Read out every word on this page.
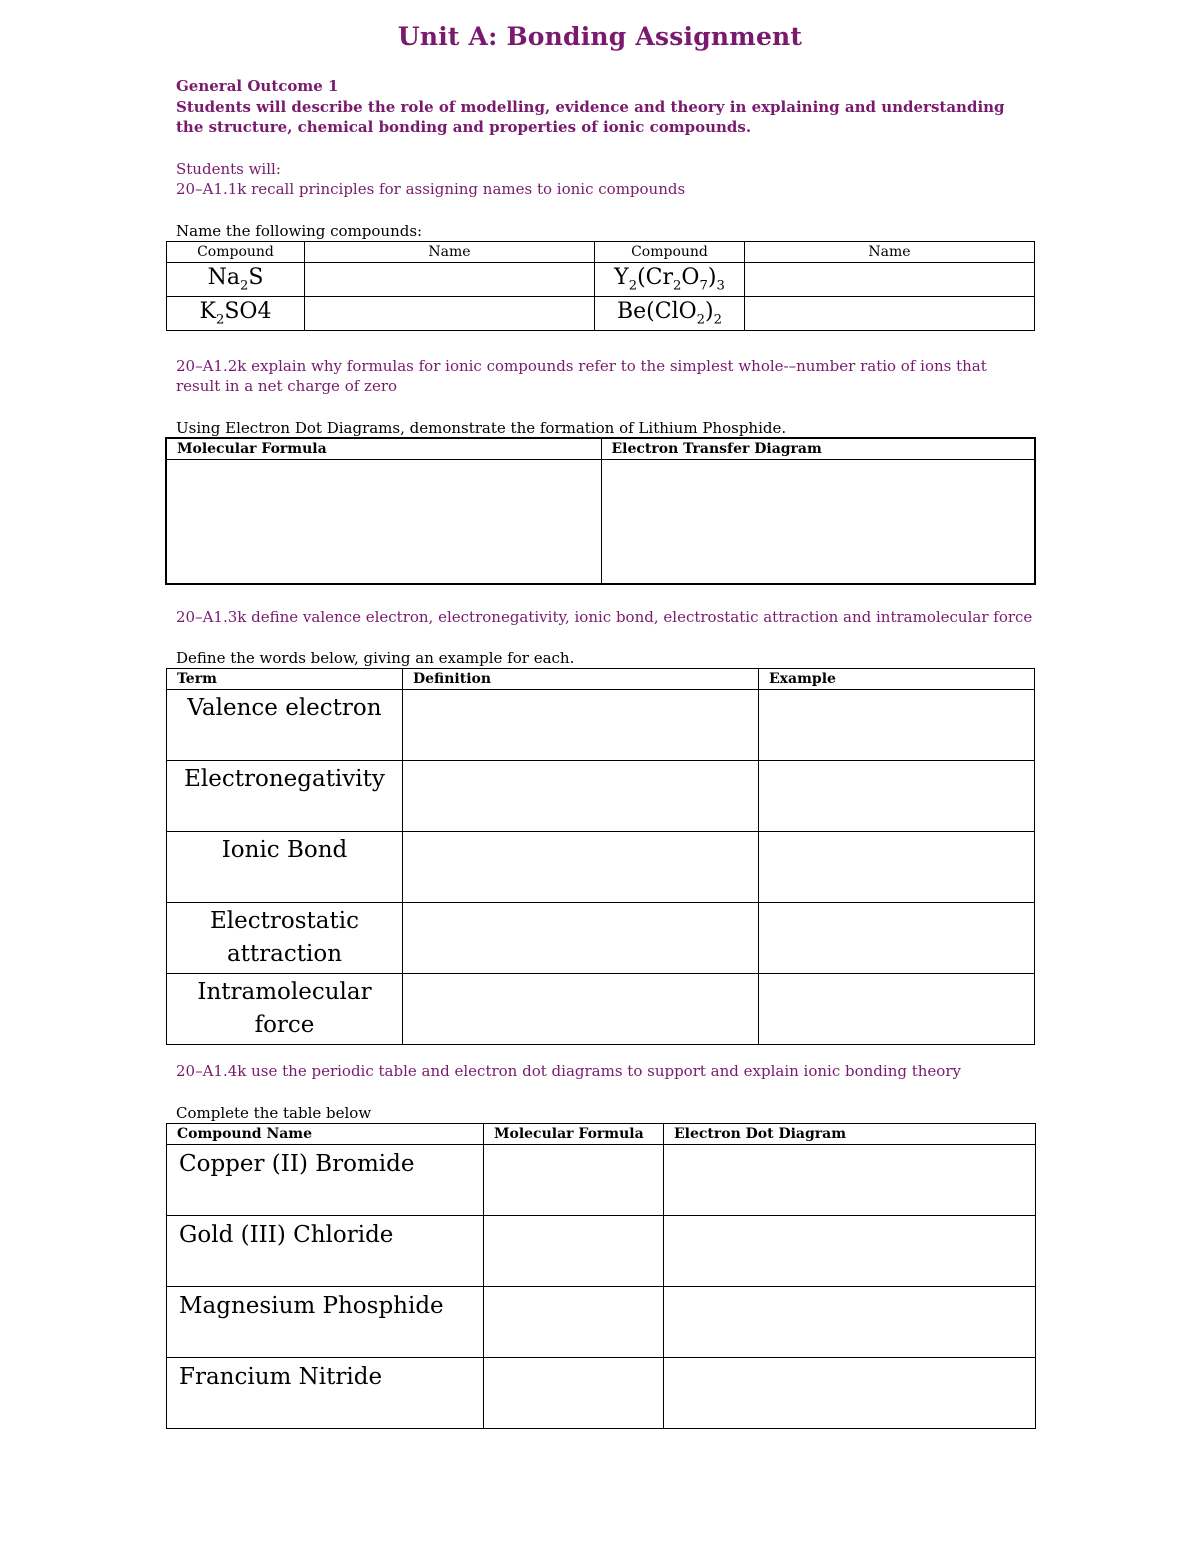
Unit A: Bonding Assignment
General Outcome 1
Students will describe the role of modelling, evidence and theory in explaining and understanding the structure, chemical bonding and properties of ionic compounds.
Students will:
20–A1.1k recall principles for assigning names to ionic compounds
Name the following compounds:
Compound	Name	Compound	Name
$Na_2S$		$Y_2(Cr_2O_7)_3$	
$K_2SO4$		$Be(ClO_2)_2$	
20–A1.2k explain why formulas for ionic compounds refer to the simplest whole-–number ratio of ions that result in a net charge of zero
Using Electron Dot Diagrams, demonstrate the formation of Lithium Phosphide.
Molecular Formula	Electron Transfer Diagram

20–A1.3k define valence electron, electronegativity, ionic bond, electrostatic attraction and intramolecular force
Define the words below, giving an example for each.
Term	Definition	Example
Valence electron		
Electronegativity		
Ionic Bond		
Electrostatic attraction		
Intramolecular force		
20–A1.4k use the periodic table and electron dot diagrams to support and explain ionic bonding theory
Complete the table below
Compound Name	Molecular Formula	Electron Dot Diagram
Copper (II) Bromide		
Gold (III) Chloride		
Magnesium Phosphide		
Francium Nitride		
